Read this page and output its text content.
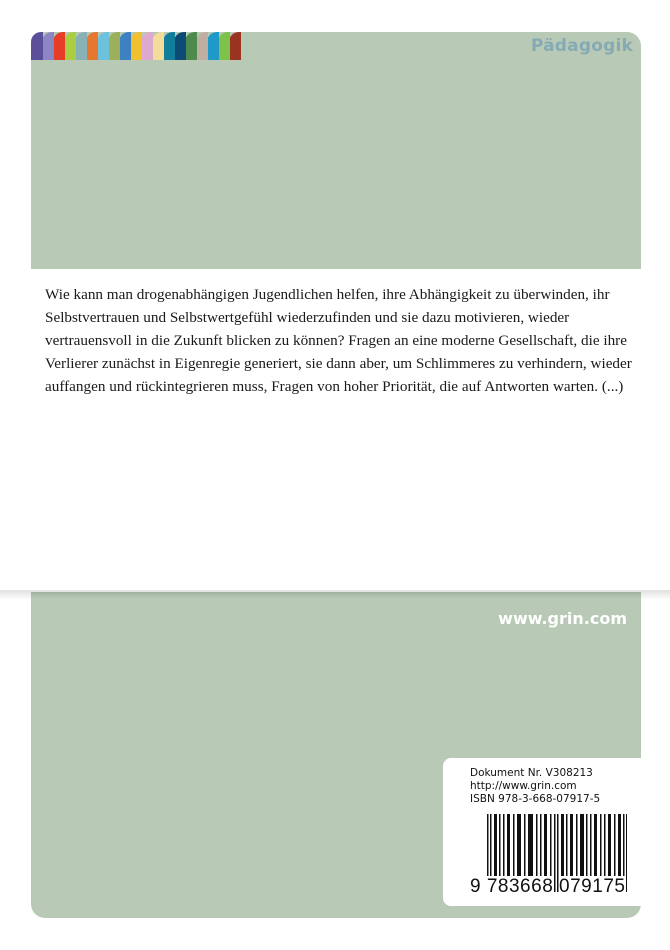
Pädagogik

Wie kann man drogenabhängigen Jugendlichen helfen, ihre Abhängigkeit zu überwinden, ihr Selbstvertrauen und Selbstwertgefühl wiederzufinden und sie dazu motivieren, wieder vertrauensvoll in die Zukunft blicken zu können? Fragen an eine moderne Gesellschaft, die ihre Verlierer zunächst in Eigenregie generiert, sie dann aber, um Schlimmeres zu verhindern, wieder auffangen und rückintegrieren muss, Fragen von hoher Priorität, die auf Antworten warten. (...)

www.grin.com
Dokument Nr. V308213
http://www.grin.com
ISBN 978-3-668-07917-5
9 783668 079175
